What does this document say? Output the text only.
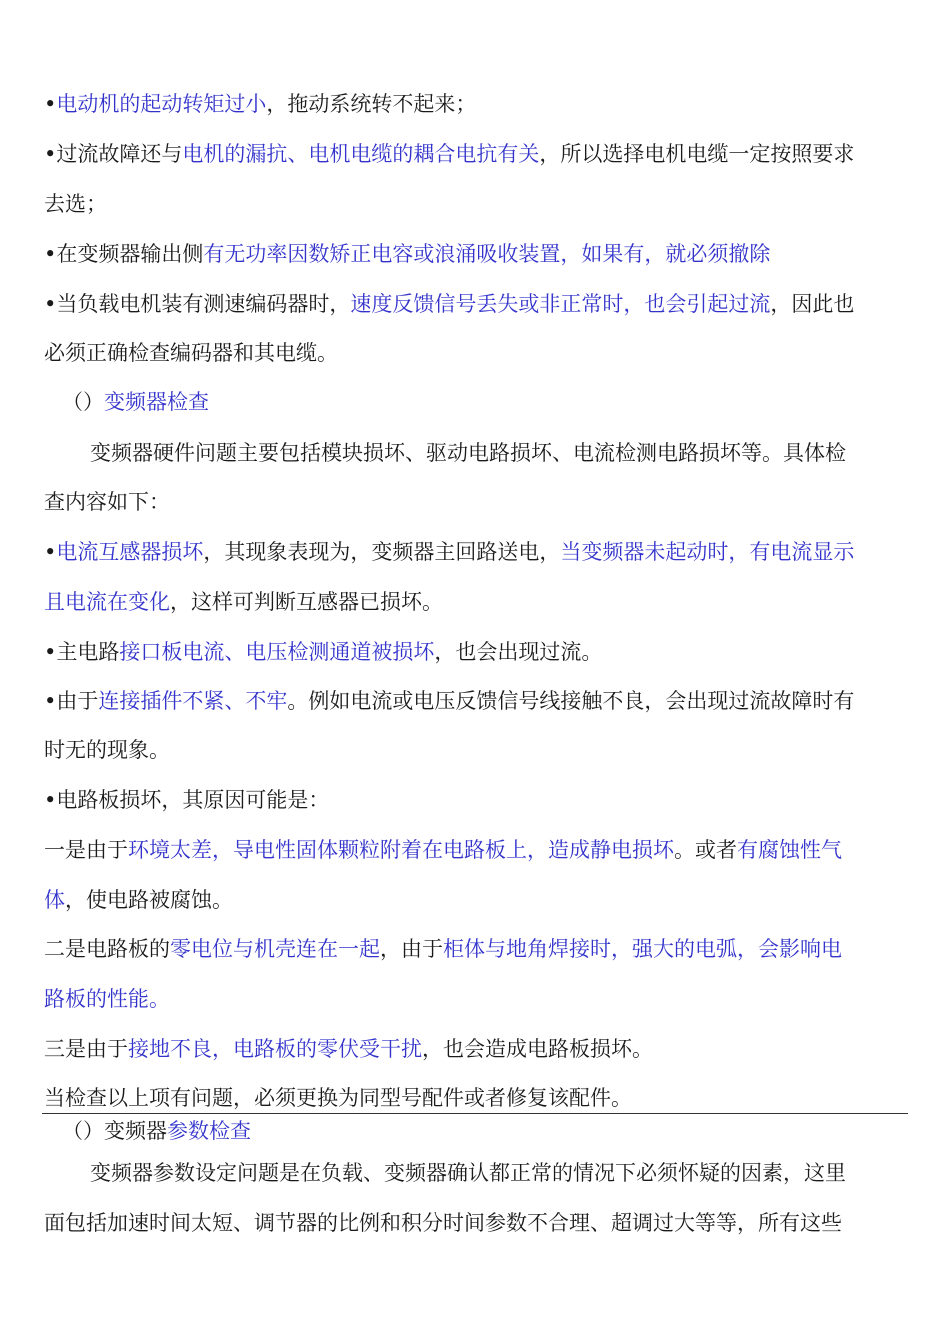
•电动机的起动转矩过小，拖动系统转不起来；
•过流故障还与电机的漏抗、电机电缆的耦合电抗有关，所以选择电机电缆一定按照要求
去选；
•在变频器输出侧有无功率因数矫正电容或浪涌吸收装置，如果有，就必须撤除
•当负载电机装有测速编码器时，速度反馈信号丢失或非正常时，也会引起过流，因此也
必须正确检查编码器和其电缆。
（）变频器检查
变频器硬件问题主要包括模块损坏、驱动电路损坏、电流检测电路损坏等。具体检
查内容如下：
•电流互感器损坏，其现象表现为，变频器主回路送电，当变频器未起动时，有电流显示
且电流在变化，这样可判断互感器已损坏。
•主电路接口板电流、电压检测通道被损坏，也会出现过流。
•由于连接插件不紧、不牢。例如电流或电压反馈信号线接触不良，会出现过流故障时有
时无的现象。
•电路板损坏，其原因可能是：
一是由于环境太差，导电性固体颗粒附着在电路板上，造成静电损坏。或者有腐蚀性气
体，使电路被腐蚀。
二是电路板的零电位与机壳连在一起，由于柜体与地角焊接时，强大的电弧，会影响电
路板的性能。
三是由于接地不良，电路板的零伏受干扰，也会造成电路板损坏。
当检查以上项有问题，必须更换为同型号配件或者修复该配件。
（）变频器参数检查
变频器参数设定问题是在负载、变频器确认都正常的情况下必须怀疑的因素，这里
面包括加速时间太短、调节器的比例和积分时间参数不合理、超调过大等等，所有这些
